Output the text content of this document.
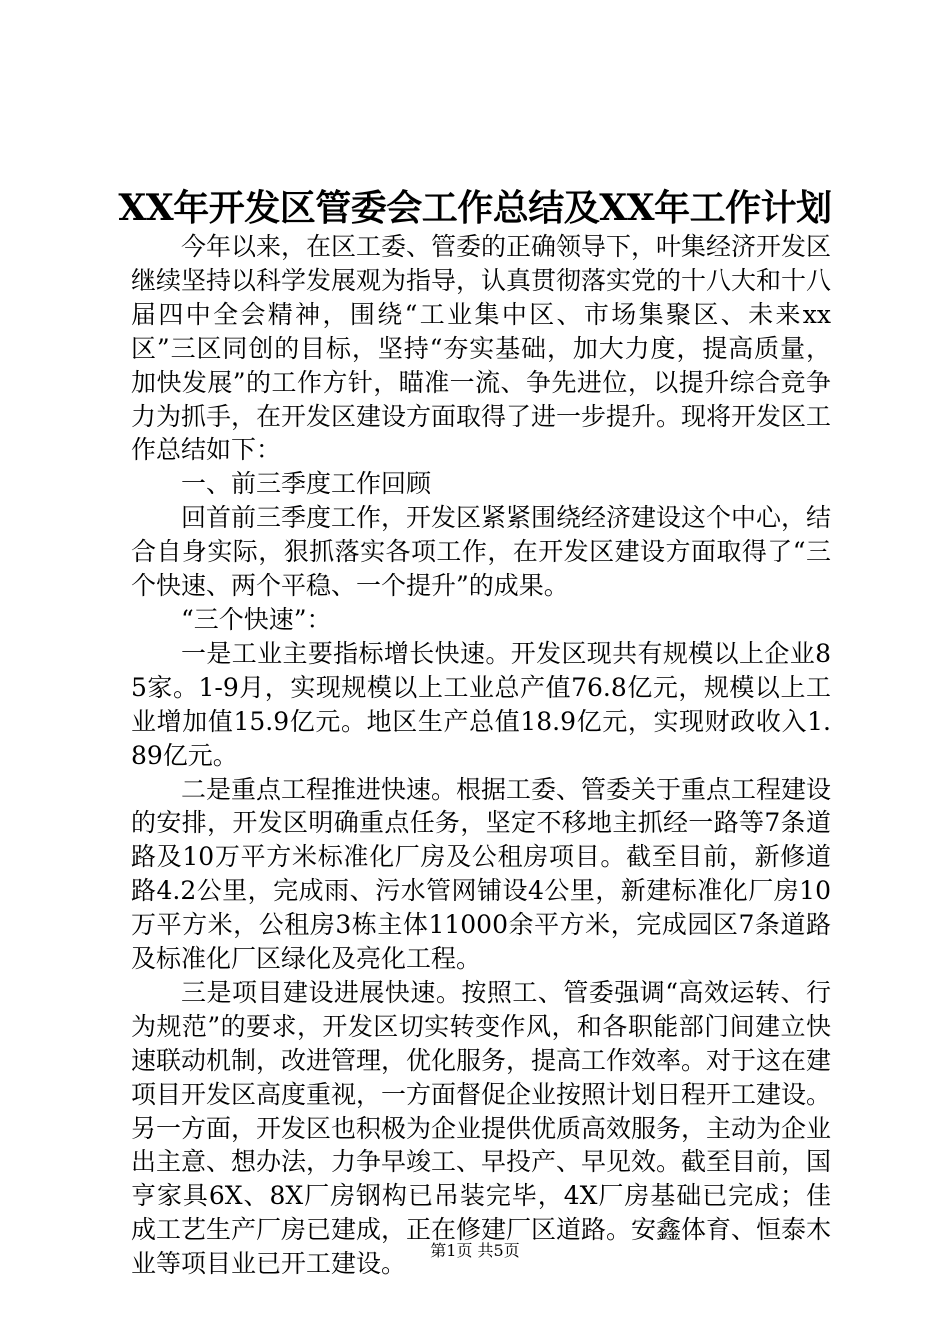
XX年开发区管委会工作总结及XX年工作计划

今年以来，在区工委、管委的正确领导下，叶集经济开发区继续坚持以科学发展观为指导，认真贯彻落实党的十八大和十八届四中全会精神，围绕“工业集中区、市场集聚区、未来xx区”三区同创的目标，坚持“夯实基础，加大力度，提高质量，加快发展”的工作方针，瞄准一流、争先进位，以提升综合竞争力为抓手，在开发区建设方面取得了进一步提升。现将开发区工作总结如下：

一、前三季度工作回顾

回首前三季度工作，开发区紧紧围绕经济建设这个中心，结合自身实际，狠抓落实各项工作，在开发区建设方面取得了“三个快速、两个平稳、一个提升”的成果。

“三个快速”：

一是工业主要指标增长快速。开发区现共有规模以上企业85家。1-9月，实现规模以上工业总产值76.8亿元，规模以上工业增加值15.9亿元。地区生产总值18.9亿元，实现财政收入1.89亿元。

二是重点工程推进快速。根据工委、管委关于重点工程建设的安排，开发区明确重点任务，坚定不移地主抓经一路等7条道路及10万平方米标准化厂房及公租房项目。截至目前，新修道路4.2公里，完成雨、污水管网铺设4公里，新建标准化厂房10万平方米，公租房3栋主体11000余平方米，完成园区7条道路及标准化厂区绿化及亮化工程。

三是项目建设进展快速。按照工、管委强调“高效运转、行为规范”的要求，开发区切实转变作风，和各职能部门间建立快速联动机制，改进管理，优化服务，提高工作效率。对于这在建项目开发区高度重视，一方面督促企业按照计划日程开工建设。另一方面，开发区也积极为企业提供优质高效服务，主动为企业出主意、想办法，力争早竣工、早投产、早见效。截至目前，国亨家具6X、8X厂房钢构已吊装完毕，4X厂房基础已完成；佳成工艺生产厂房已建成，正在修建厂区道路。安鑫体育、恒泰木业等项目业已开工建设。	第1页 共5页
